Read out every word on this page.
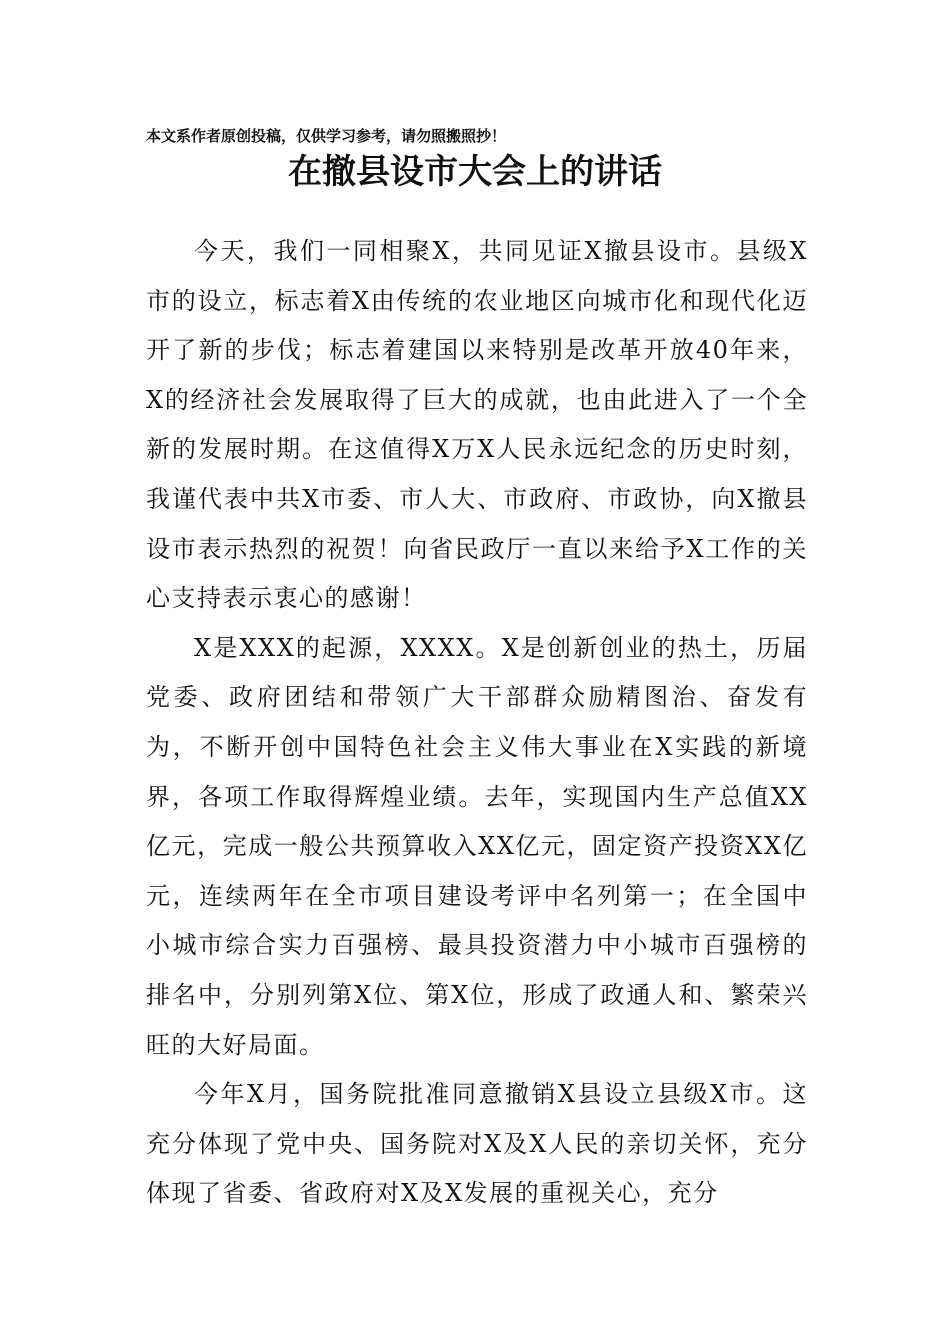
本文系作者原创投稿，仅供学习参考，请勿照搬照抄！
在撤县设市大会上的讲话

今天，我们一同相聚X，共同见证X撤县设市。县级X市的设立，标志着X由传统的农业地区向城市化和现代化迈开了新的步伐；标志着建国以来特别是改革开放40年来，X的经济社会发展取得了巨大的成就，也由此进入了一个全新的发展时期。在这值得X万X人民永远纪念的历史时刻，我谨代表中共X市委、市人大、市政府、市政协，向X撤县设市表示热烈的祝贺！向省民政厅一直以来给予X工作的关心支持表示衷心的感谢！

X是XXX的起源，XXXX。X是创新创业的热土，历届党委、政府团结和带领广大干部群众励精图治、奋发有为，不断开创中国特色社会主义伟大事业在X实践的新境界，各项工作取得辉煌业绩。去年，实现国内生产总值XX亿元，完成一般公共预算收入XX亿元，固定资产投资XX亿元，连续两年在全市项目建设考评中名列第一；在全国中小城市综合实力百强榜、最具投资潜力中小城市百强榜的排名中，分别列第X位、第X位，形成了政通人和、繁荣兴旺的大好局面。

今年X月，国务院批准同意撤销X县设立县级X市。这充分体现了党中央、国务院对X及X人民的亲切关怀，充分体现了省委、省政府对X及X发展的重视关心，充分
